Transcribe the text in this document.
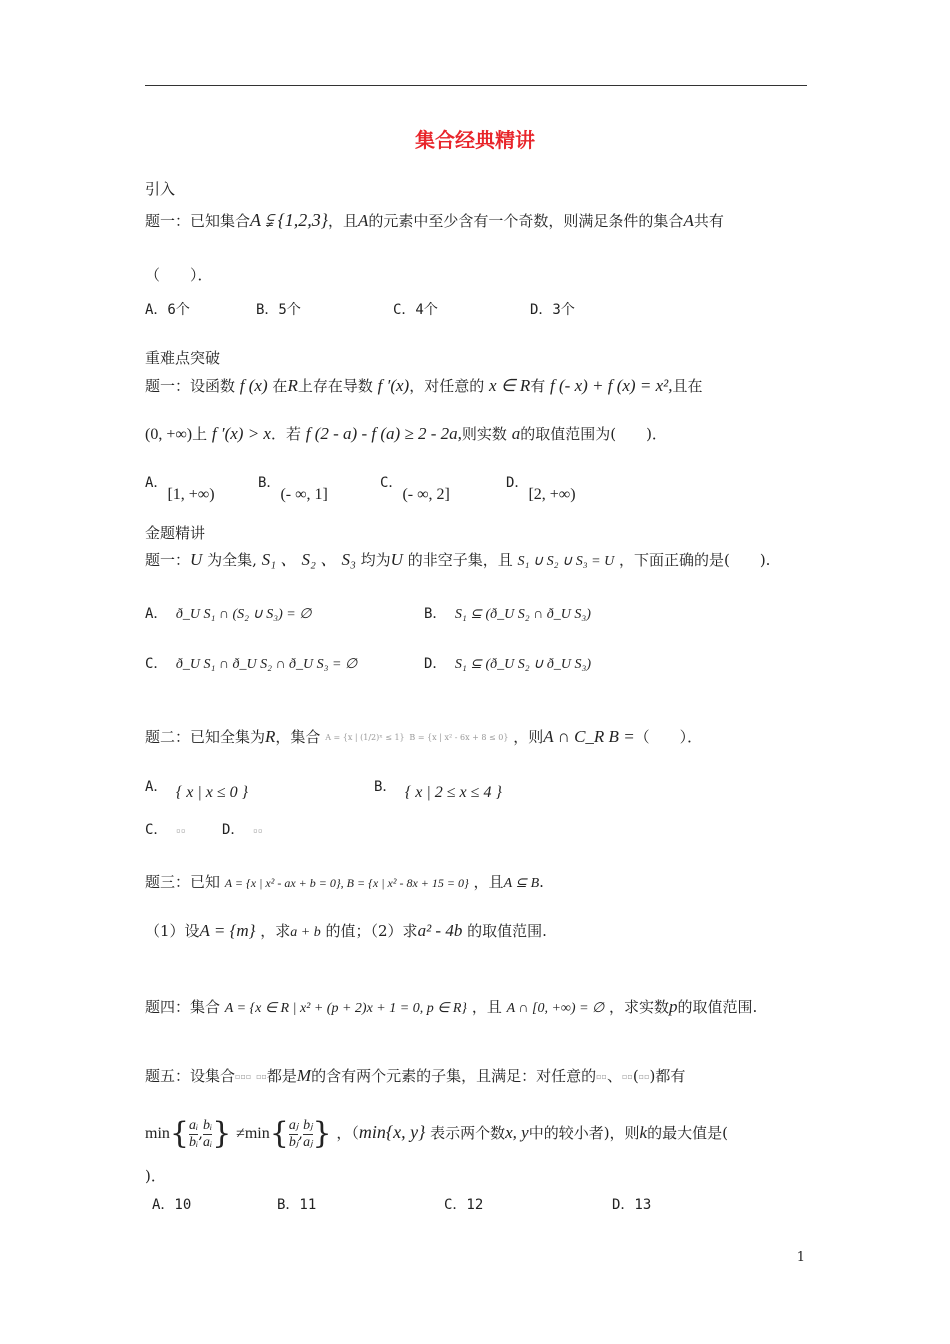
集合经典精讲
引入
题一：已知集合A ⫋ {1,2,3}，且A的元素中至少含有一个奇数，则满足条件的集合A共有
（　　）．
A．6个	B．5个	C．4个	D．3个
重难点突破
题一：设函数 f (x) 在R上存在导数 f ′(x)，对任意的 x ∈ R有 f (- x) + f (x) = x²,且在
(0, +∞)上 f ′(x) > x．若 f (2 - a) - f (a) ≥ 2 - 2a,则实数 a的取值范围为(　　)．
A．[1, +∞)
B．(- ∞, 1]
C．(- ∞, 2]
D．[2, +∞)
金题精讲
题一：U 为全集, S₁ 、 S₂ 、 S₃ 均为U 的非空子集，且 S₁ ∪ S₂ ∪ S₃ = U ，下面正确的是(　　).
A． ð_U S₁ ∩ (S₂ ∪ S₃) = ∅	B． S₁ ⊆ (ð_U S₂ ∩ ð_U S₃)
C． ð_U S₁ ∩ ð_U S₂ ∩ ð_U S₃ = ∅	D． S₁ ⊆ (ð_U S₂ ∪ ð_U S₃)
题二：已知全集为R，集合 A = {x | (1/2)ˣ ≤ 1} B = {x | x² - 6x + 8 ≤ 0} ，则A ∩ C_R B =（　　）．
A． { x | x ≤ 0 }	B． { x | 2 ≤ x ≤ 4 }
C． ▫▫	D． ▫▫
题三：已知 A = {x | x² - ax + b = 0}, B = {x | x² - 8x + 15 = 0} ，且A ⊆ B.
（1）设A = {m} ，求a + b 的值；（2）求a² - 4b 的取值范围.
题四：集合 A = {x ∈ R | x² + (p + 2)x + 1 = 0, p ∈ R} ，且 A ∩ [0, +∞) = ∅ ，求实数p的取值范围.
题五：设集合▫▫▫ ▫▫都是M的含有两个元素的子集，且满足：对任意的▫▫、▫▫(▫▫)都有
$\min\{ \frac{\text{aᵢ}}{\text{bᵢ}}$ , $\frac{\text{bᵢ}}{\text{aᵢ}}$ } $\ne\min\{ \frac{\text{aⱼ}}{\text{bⱼ}}$ , $\frac{\text{bⱼ}}{\text{aⱼ}}$ } ，（min{x, y} 表示两个数x, y中的较小者)，则k的最大值是(
)．
A．10	B．11	C．12	D．13
1
